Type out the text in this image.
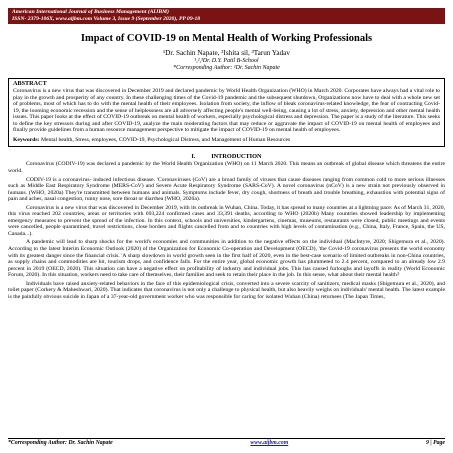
American International Journal of Business Management (AIJBM)
ISSN- 2379-106X, www.aijbm.com Volume 3, Issue 9 (September 2020), PP 09-18
Impact of COVID-19 on Mental Health of Working Professionals
¹Dr. Sachin Napate, ²Ishita sil, ³Tarun Yadav
¹,²,³Dr. D.Y. Patil B-School
*Corresponding Author: ¹Dr. Sachin Napate
ABSTRACT
Coronavirus is a new virus that was discovered in December 2019 and declared pandemic by World Health Organization (WHO) in March 2020. Corporates have always had a vital role to play in the growth and prosperity of any country. In these challenging times of the Covid-19 pandemic and the subsequent shutdown, Organizations now have to deal with a whole new set of problems, most of which has to do with the mental health of their employees. Isolation from society, the inflow of bleak coronavirus-related knowledge, the fear of contracting Covid-19, the looming economic recession and the sense of helplessness are all adversely affecting people's mental well-being, causing a lot of stress, anxiety, depression and other mental health issues. This paper looks at the effect of COVID-19 outbreak on mental health of workers, especially psychological distress and depression. The paper is a study of the literature. This seeks to define the key stressors during and after COVID-19, analyze the main moderating factors that may reduce or aggravate the impact of COVID-19 on mental health of employees and finally provide guidelines from a human resource management perspective to mitigate the impact of COVID-19 on mental health of employees.
Keywords: Mental health, Stress, employees, COVID-19, Psychological Distress, and Management of Human Resources
I.          INTRODUCTION

Coronavirus (CODIV-19) was declared a pandemic by the World Health Organization (WHO) on 11 March 2020. This means an outbreak of global disease which threatens the entire world.

CODIV-19 is a coronavirus- induced infectious disease. 'Coronaviruses (CoV) are a broad family of viruses that cause diseases ranging from common cold to more serious illnesses such as Middle East Respiratory Syndrome (MERS-CoV) and Severe Acute Respiratory Syndrome (SARS-CoV). A novel coronavirus (nCoV) is a new strain not previously observed in humans. (WHO, 2020a) They're transmitted between humans and animals. Symptoms include fever, dry cough, shortness of breath and trouble breathing, exhaustion with potential signs of pain and aches, nasal congestion, runny nose, sore throat or diarrhea (WHO, 2020a).

Coronavirus is a new virus that was discovered in December 2019, with its outbreak in Wuhan, China. Today, it has spread to many countries at a lightning pace: As of March 31, 2020, this virus reached 202 countries, areas or territories with 693,224 confirmed cases and 33,391 deaths, according to WHO (2020b) Many countries showed leadership by implementing emergency measures to prevent the spread of the infection. In this context, schools and universities, kindergartens, cinemas, museums, restaurants were closed, public meetings and events were cancelled, people quarantined, travel restrictions, close borders and flights cancelled from and to countries with high levels of contamination (e.g., China, Italy, France, Spain, the US, Canada...).

A pandemic will lead to sharp shocks for the world's economies and communities in addition to the negative effects on the individual (MacIntyre, 2020; Shigemura et al., 2020). According to the latest Interim Economic Outlook (2020) of the Organization for Economic Co-operation and Development (OECD), 'the Covid-19 coronavirus presents the world economy with its greatest danger since the financial crisis. 'A sharp slowdown in world growth seen in the first half of 2020, even in the best-case scenario of limited outbreaks in non-China countries, as supply chains and commodities are hit, tourism drops, and confidence falls. For the entire year, global economic growth has plummeted to 2.4 percent, compared to an already low 2.9 percent in 2019 (OECD, 2020). This situation can have a negative effect on profitability of industry and individual jobs. This has caused furloughs and layoffs in reality (World Economic Forum, 2020). In this situation, workers need to take care of themselves, their families and seek to retain their place in the job. In this sense, what about their mental health?

Individuals have raised anxiety-related behaviors in the face of this epidemiological crisis, converted into a severe scarcity of sanitizers, medical masks (Shigemura et al., 2020), and toilet paper (Corkery & Maheshwari, 2020). That indicates that coronavirus is not only a challenge to physical health, but also heavily weighs on individuals' mental health. The latest example is the painfully obvious suicide in Japan of a 37-year-old government worker who was responsible for caring for isolated Wuhan (China) returnees (The Japan Times,

*Corresponding Author: Dr. Sachin Napate	www.aijbm.com	9 | Page
